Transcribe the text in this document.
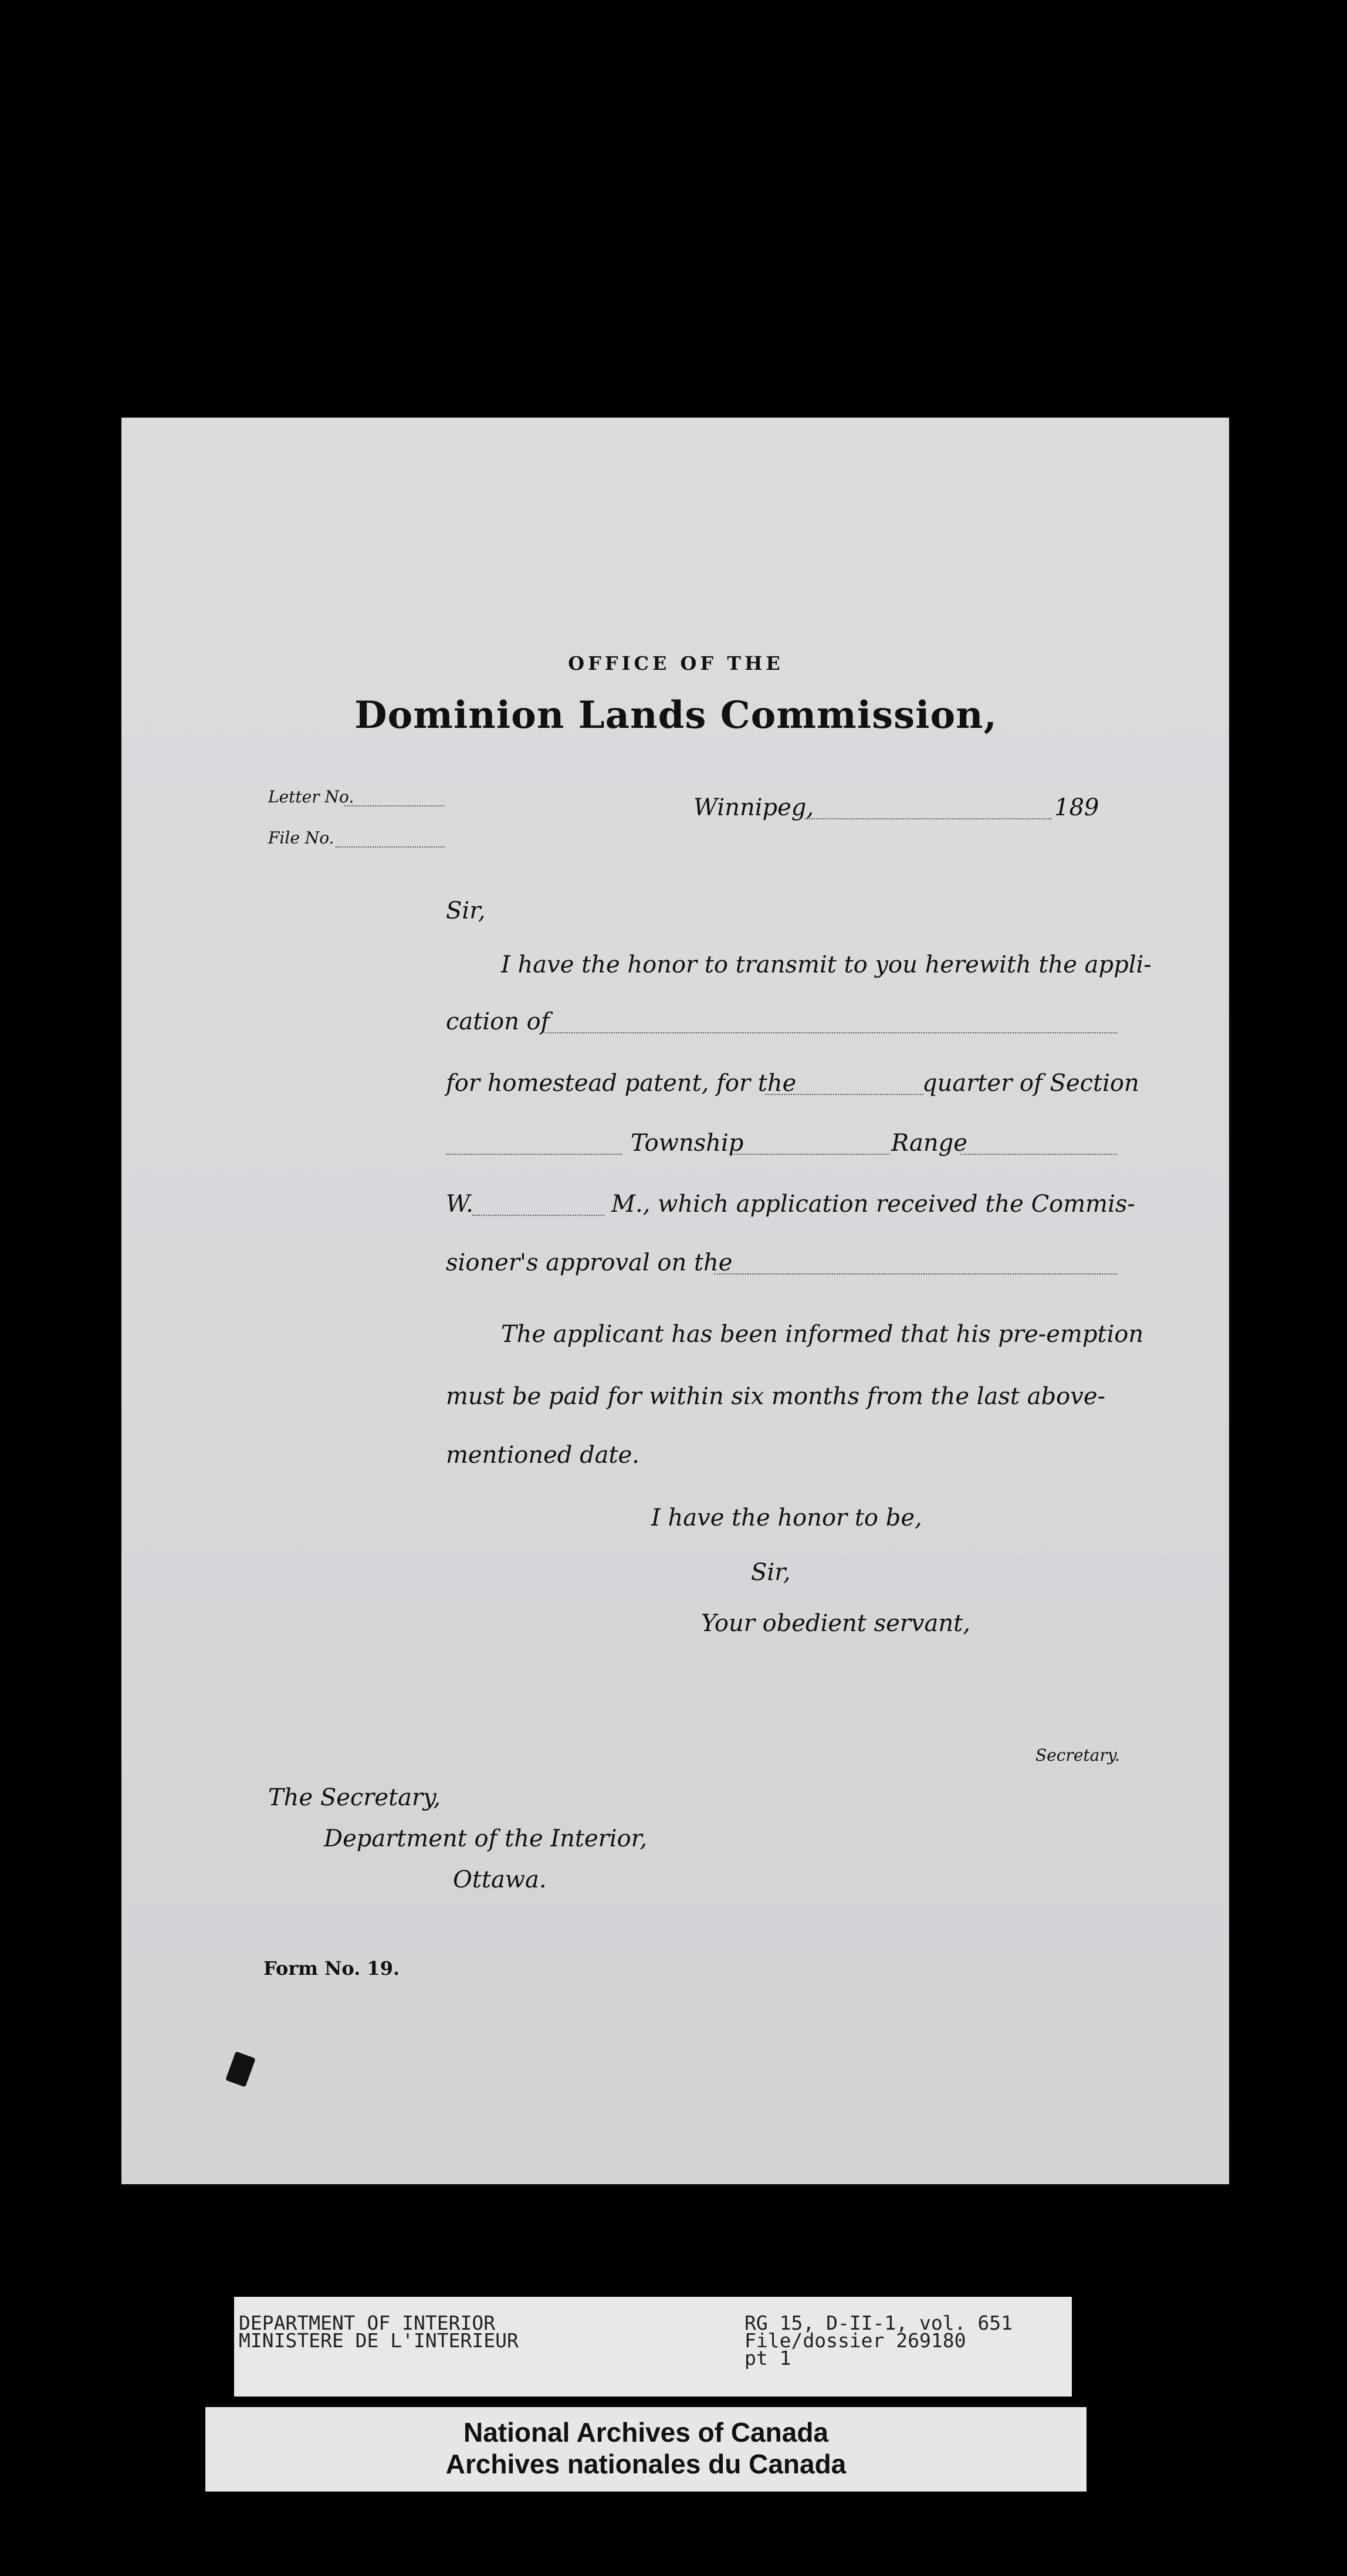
OFFICE OF THE
Dominion Lands Commission,
Letter No.
File No.
Winnipeg,	189
Sir,
I have the honor to transmit to you herewith the appli-
cation of
for homestead patent, for the	quarter of Section
Township	Range
W.	M., which application received the Commis-
sioner's approval on the
The applicant has been informed that his pre-emption
must be paid for within six months from the last above-
mentioned date.
I have the honor to be,
Sir,
Your obedient servant,
Secretary.
The Secretary,
Department of the Interior,
Ottawa.
Form No. 19.
DEPARTMENT OF INTERIOR
MINISTERE DE L'INTERIEUR
RG 15, D-II-1, vol. 651
File/dossier 269180
pt 1
National Archives of Canada
Archives nationales du Canada
